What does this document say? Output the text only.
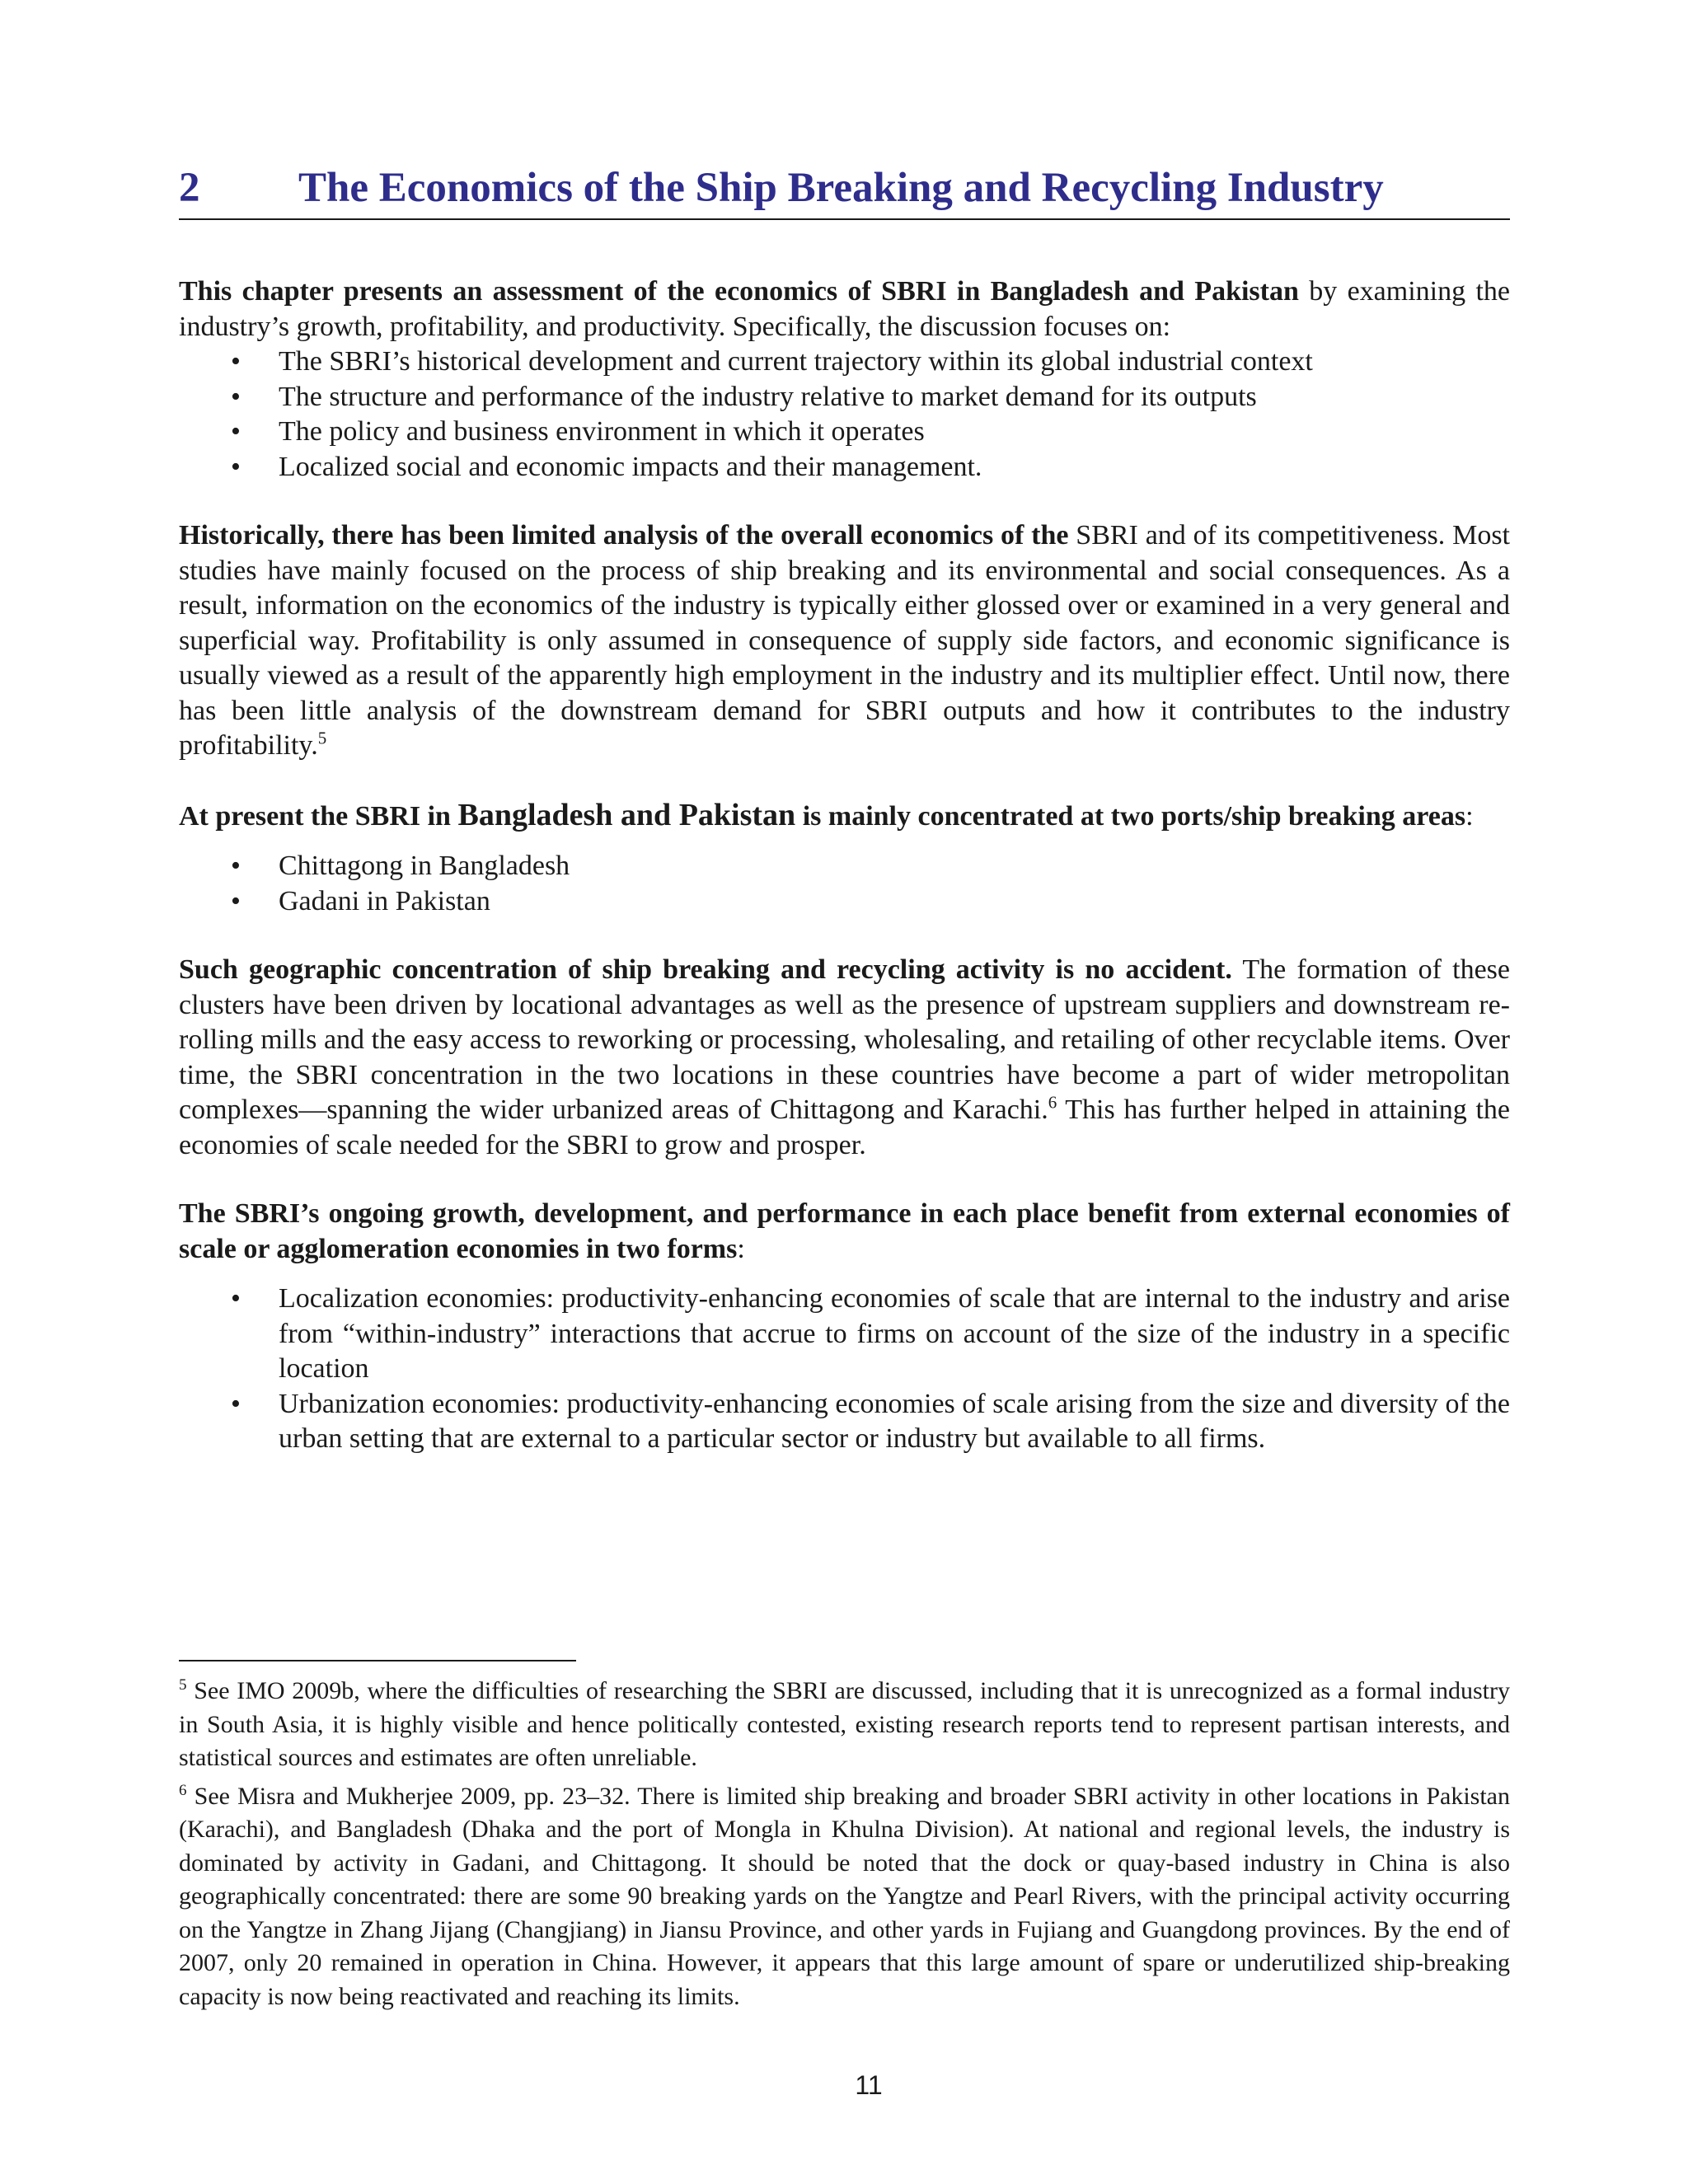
2	The Economics of the Ship Breaking and Recycling Industry

This chapter presents an assessment of the economics of SBRI in Bangladesh and Pakistan by examining the industry’s growth, profitability, and productivity. Specifically, the discussion focuses on:

• The SBRI’s historical development and current trajectory within its global industrial context
• The structure and performance of the industry relative to market demand for its outputs
• The policy and business environment in which it operates
• Localized social and economic impacts and their management.

Historically, there has been limited analysis of the overall economics of the SBRI and of its competitiveness. Most studies have mainly focused on the process of ship breaking and its environmental and social consequences. As a result, information on the economics of the industry is typically either glossed over or examined in a very general and superficial way. Profitability is only assumed in consequence of supply side factors, and economic significance is usually viewed as a result of the apparently high employment in the industry and its multiplier effect. Until now, there has been little analysis of the downstream demand for SBRI outputs and how it contributes to the industry profitability.$^5$

At present the SBRI in Bangladesh and Pakistan is mainly concentrated at two ports/ship breaking areas:

• Chittagong in Bangladesh
• Gadani in Pakistan

Such geographic concentration of ship breaking and recycling activity is no accident. The formation of these clusters have been driven by locational advantages as well as the presence of upstream suppliers and downstream re-rolling mills and the easy access to reworking or processing, wholesaling, and retailing of other recyclable items. Over time, the SBRI concentration in the two locations in these countries have become a part of wider metropolitan complexes—spanning the wider urbanized areas of Chittagong and Karachi.$^6$ This has further helped in attaining the economies of scale needed for the SBRI to grow and prosper.

The SBRI’s ongoing growth, development, and performance in each place benefit from external economies of scale or agglomeration economies in two forms:

• Localization economies: productivity-enhancing economies of scale that are internal to the industry and arise from “within-industry” interactions that accrue to firms on account of the size of the industry in a specific location
• Urbanization economies: productivity-enhancing economies of scale arising from the size and diversity of the urban setting that are external to a particular sector or industry but available to all firms.

$^5$ See IMO 2009b, where the difficulties of researching the SBRI are discussed, including that it is unrecognized as a formal industry in South Asia, it is highly visible and hence politically contested, existing research reports tend to represent partisan interests, and statistical sources and estimates are often unreliable.

$^6$ See Misra and Mukherjee 2009, pp. 23–32. There is limited ship breaking and broader SBRI activity in other locations in Pakistan (Karachi), and Bangladesh (Dhaka and the port of Mongla in Khulna Division). At national and regional levels, the industry is dominated by activity in Gadani, and Chittagong. It should be noted that the dock or quay-based industry in China is also geographically concentrated: there are some 90 breaking yards on the Yangtze and Pearl Rivers, with the principal activity occurring on the Yangtze in Zhang Jijang (Changjiang) in Jiansu Province, and other yards in Fujiang and Guangdong provinces. By the end of 2007, only 20 remained in operation in China. However, it appears that this large amount of spare or underutilized ship-breaking capacity is now being reactivated and reaching its limits.

11
